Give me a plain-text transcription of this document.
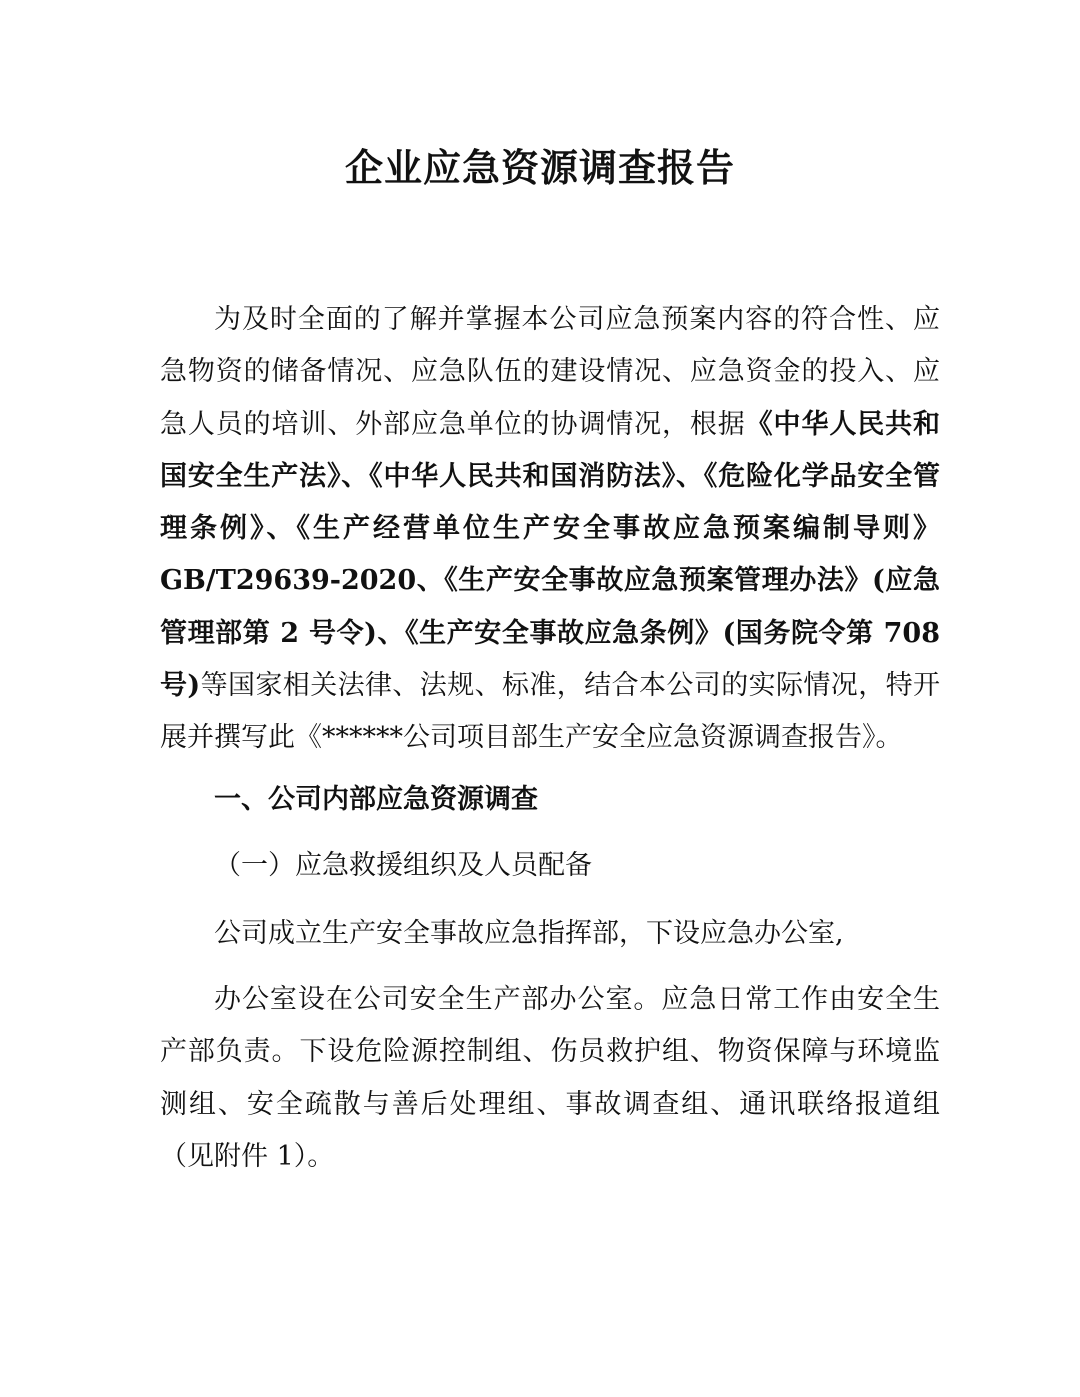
企业应急资源调查报告

为及时全面的了解并掌握本公司应急预案内容的符合性、应急物资的储备情况、应急队伍的建设情况、应急资金的投入、应急人员的培训、外部应急单位的协调情况，根据《中华人民共和国安全生产法》、《中华人民共和国消防法》、《危险化学品安全管理条例》、《生产经营单位生产安全事故应急预案编制导则》GB/T29639-2020、《生产安全事故应急预案管理办法》(应急管理部第 2 号令)、《生产安全事故应急条例》(国务院令第 708 号)等国家相关法律、法规、标准，结合本公司的实际情况，特开展并撰写此《******公司项目部生产安全应急资源调查报告》。

一、公司内部应急资源调查

（一）应急救援组织及人员配备

公司成立生产安全事故应急指挥部，下设应急办公室,

办公室设在公司安全生产部办公室。应急日常工作由安全生产部负责。下设危险源控制组、伤员救护组、物资保障与环境监测组、安全疏散与善后处理组、事故调查组、通讯联络报道组（见附件 1）。
